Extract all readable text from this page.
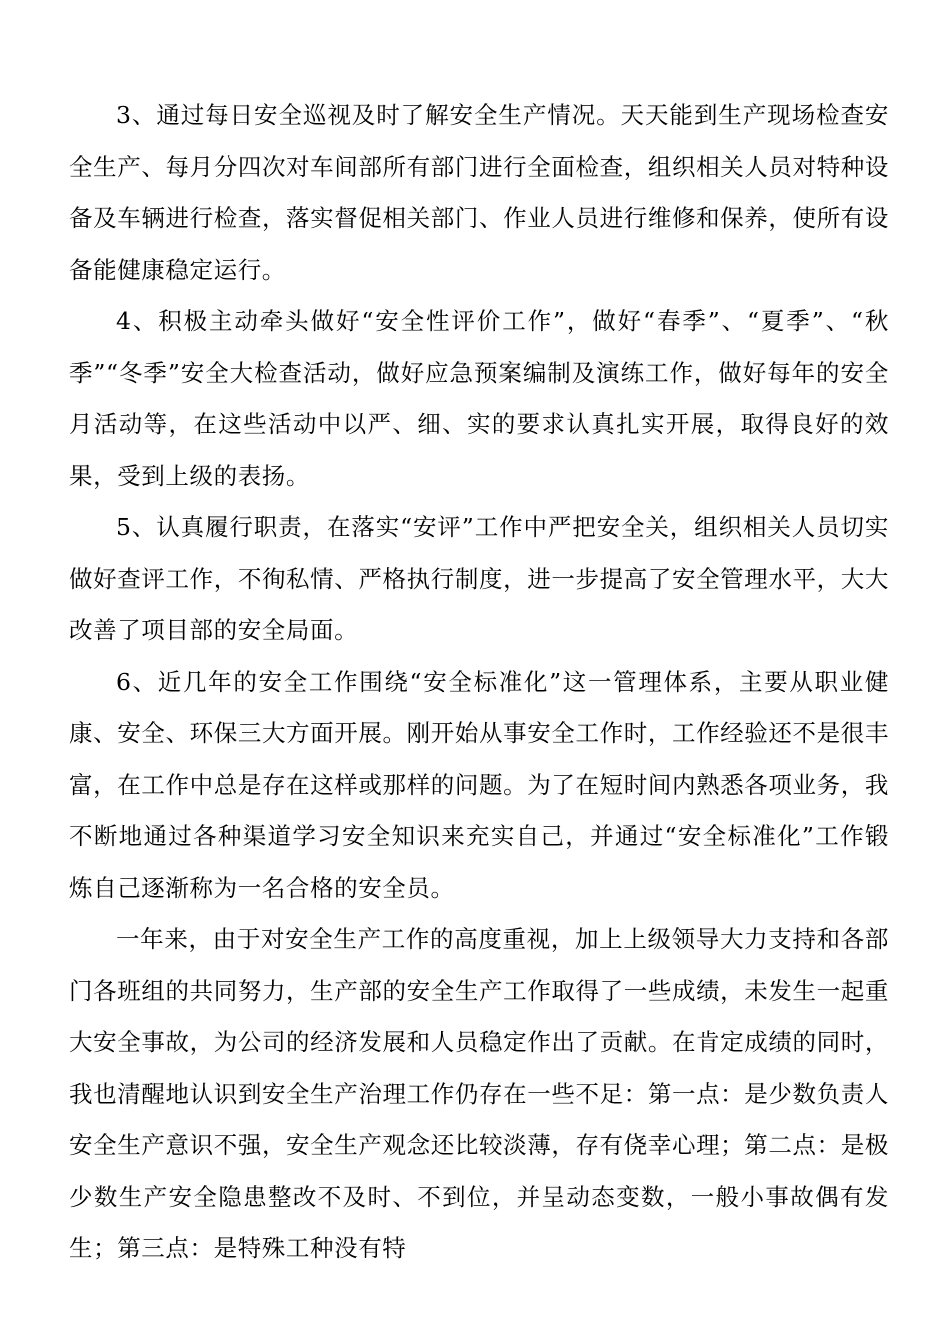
3、通过每日安全巡视及时了解安全生产情况。天天能到生产现场检查安全生产、每月分四次对车间部所有部门进行全面检查，组织相关人员对特种设备及车辆进行检查，落实督促相关部门、作业人员进行维修和保养，使所有设备能健康稳定运行。

4、积极主动牵头做好“安全性评价工作”，做好“春季”、“夏季”、“秋季”“冬季”安全大检查活动，做好应急预案编制及演练工作，做好每年的安全月活动等，在这些活动中以严、细、实的要求认真扎实开展，取得良好的效果，受到上级的表扬。

5、认真履行职责，在落实“安评”工作中严把安全关，组织相关人员切实做好查评工作，不徇私情、严格执行制度，进一步提高了安全管理水平，大大改善了项目部的安全局面。

6、近几年的安全工作围绕“安全标准化”这一管理体系，主要从职业健康、安全、环保三大方面开展。刚开始从事安全工作时，工作经验还不是很丰富，在工作中总是存在这样或那样的问题。为了在短时间内熟悉各项业务，我不断地通过各种渠道学习安全知识来充实自己，并通过“安全标准化”工作锻炼自己逐渐称为一名合格的安全员。

一年来，由于对安全生产工作的高度重视，加上上级领导大力支持和各部门各班组的共同努力，生产部的安全生产工作取得了一些成绩，未发生一起重大安全事故，为公司的经济发展和人员稳定作出了贡献。在肯定成绩的同时，我也清醒地认识到安全生产治理工作仍存在一些不足：第一点：是少数负责人安全生产意识不强，安全生产观念还比较淡薄，存有侥幸心理；第二点：是极少数生产安全隐患整改不及时、不到位，并呈动态变数，一般小事故偶有发生；第三点：是特殊工种没有特
